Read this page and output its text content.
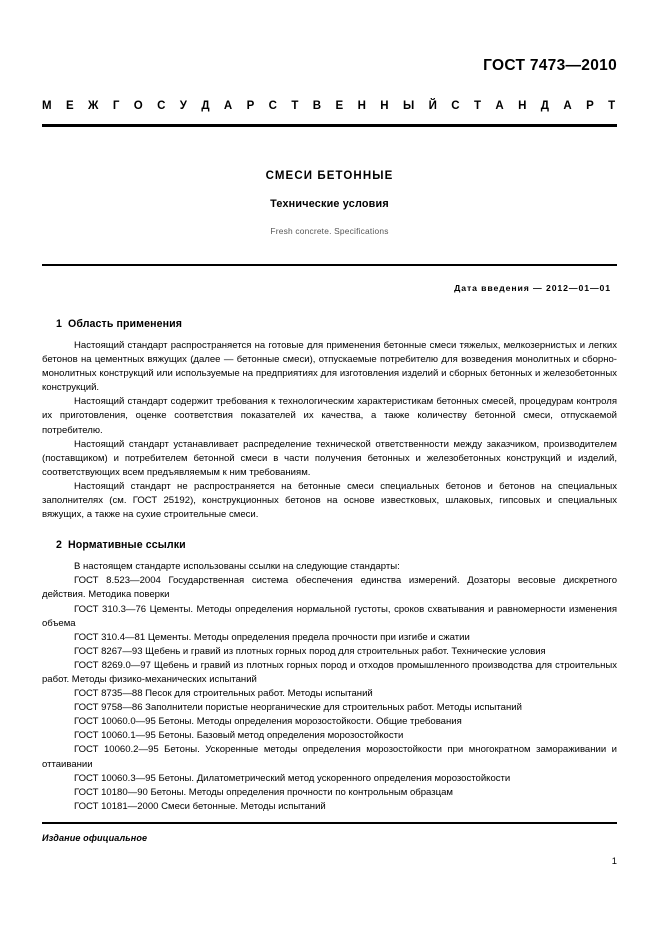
ГОСТ 7473—2010
М Е Ж Г О С У Д А Р С Т В Е Н Н Ы Й С Т А Н Д А Р Т
СМЕСИ БЕТОННЫЕ
Технические условия
Fresh concrete. Specifications
Дата введения — 2012—01—01
1 Область применения

Настоящий стандарт распространяется на готовые для применения бетонные смеси тяжелых, мелкозернистых и легких бетонов на цементных вяжущих (далее — бетонные смеси), отпускаемые потребителю для возведения монолитных и сборно-монолитных конструкций или используемые на предприятиях для изготовления изделий и сборных бетонных и железобетонных конструкций.

Настоящий стандарт содержит требования к технологическим характеристикам бетонных смесей, процедурам контроля их приготовления, оценке соответствия показателей их качества, а также количеству бетонной смеси, отпускаемой потребителю.

Настоящий стандарт устанавливает распределение технической ответственности между заказчиком, производителем (поставщиком) и потребителем бетонной смеси в части получения бетонных и железобетонных конструкций и изделий, соответствующих всем предъявляемым к ним требованиям.

Настоящий стандарт не распространяется на бетонные смеси специальных бетонов и бетонов на специальных заполнителях (см. ГОСТ 25192), конструкционных бетонов на основе известковых, шлаковых, гипсовых и специальных вяжущих, а также на сухие строительные смеси.

2 Нормативные ссылки

В настоящем стандарте использованы ссылки на следующие стандарты:

ГОСТ 8.523—2004 Государственная система обеспечения единства измерений. Дозаторы весовые дискретного действия. Методика поверки

ГОСТ 310.3—76 Цементы. Методы определения нормальной густоты, сроков схватывания и равномерности изменения объема

ГОСТ 310.4—81 Цементы. Методы определения предела прочности при изгибе и сжатии

ГОСТ 8267—93 Щебень и гравий из плотных горных пород для строительных работ. Технические условия

ГОСТ 8269.0—97 Щебень и гравий из плотных горных пород и отходов промышленного производства для строительных работ. Методы физико-механических испытаний

ГОСТ 8735—88 Песок для строительных работ. Методы испытаний

ГОСТ 9758—86 Заполнители пористые неорганические для строительных работ. Методы испытаний

ГОСТ 10060.0—95 Бетоны. Методы определения морозостойкости. Общие требования

ГОСТ 10060.1—95 Бетоны. Базовый метод определения морозостойкости

ГОСТ 10060.2—95 Бетоны. Ускоренные методы определения морозостойкости при многократном замораживании и оттаивании

ГОСТ 10060.3—95 Бетоны. Дилатометрический метод ускоренного определения морозостойкости

ГОСТ 10180—90 Бетоны. Методы определения прочности по контрольным образцам

ГОСТ 10181—2000 Смеси бетонные. Методы испытаний

Издание официальное
1
